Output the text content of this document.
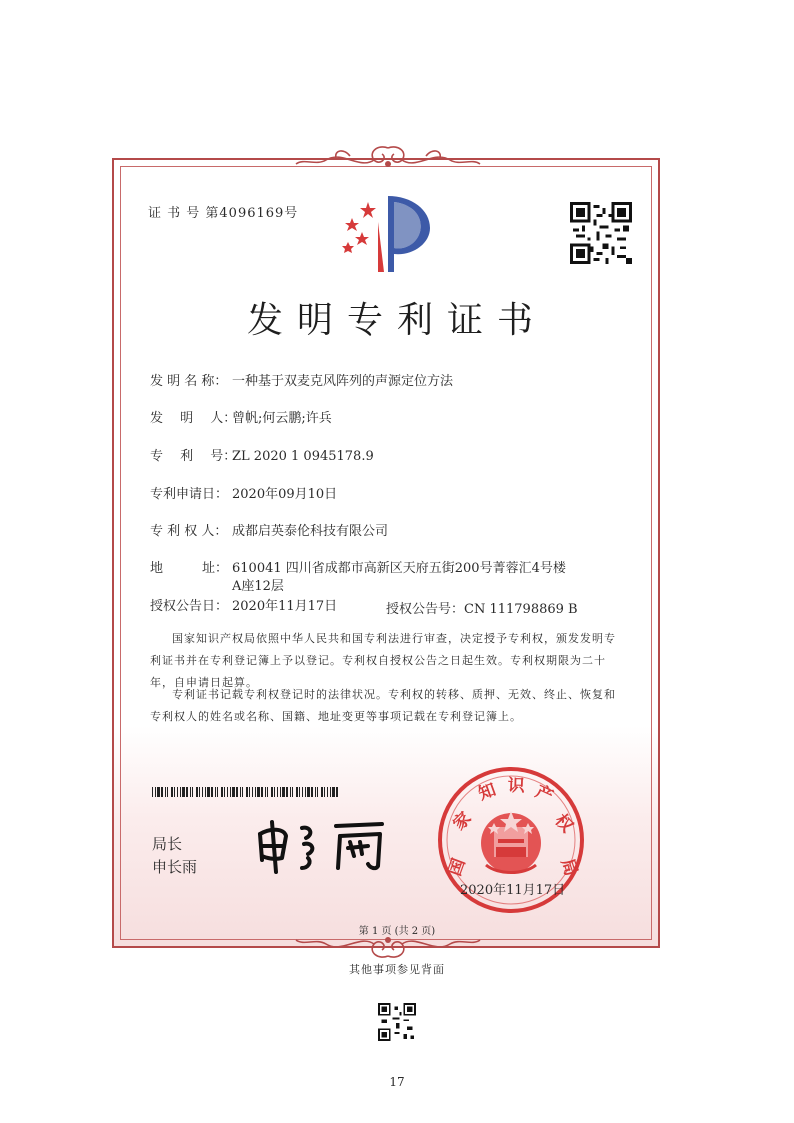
证 书 号 第4096169号
发明专利证书
发 明 名 称： 一种基于双麦克风阵列的声源定位方法
发　 明　 人：曾帆;何云鹏;许兵
专　 利　 号：ZL 2020 1 0945178.9
专利申请日： 2020年09月10日
专 利 权 人： 成都启英泰伦科技有限公司
地　　　址： 610041 四川省成都市高新区天府五街200号菁蓉汇4号楼A座12层
授权公告日： 2020年11月17日	授权公告号：CN 111798869 B
国家知识产权局依照中华人民共和国专利法进行审查，决定授予专利权，颁发发明专利证书并在专利登记簿上予以登记。专利权自授权公告之日起生效。专利权期限为二十年，自申请日起算。
专利证书记载专利权登记时的法律状况。专利权的转移、质押、无效、终止、恢复和专利权人的姓名或名称、国籍、地址变更等事项记载在专利登记簿上。
局长
申长雨	国
家
知 识 产
权
局
2020年11月17日
第 1 页 (共 2 页)
其他事项参见背面
17
